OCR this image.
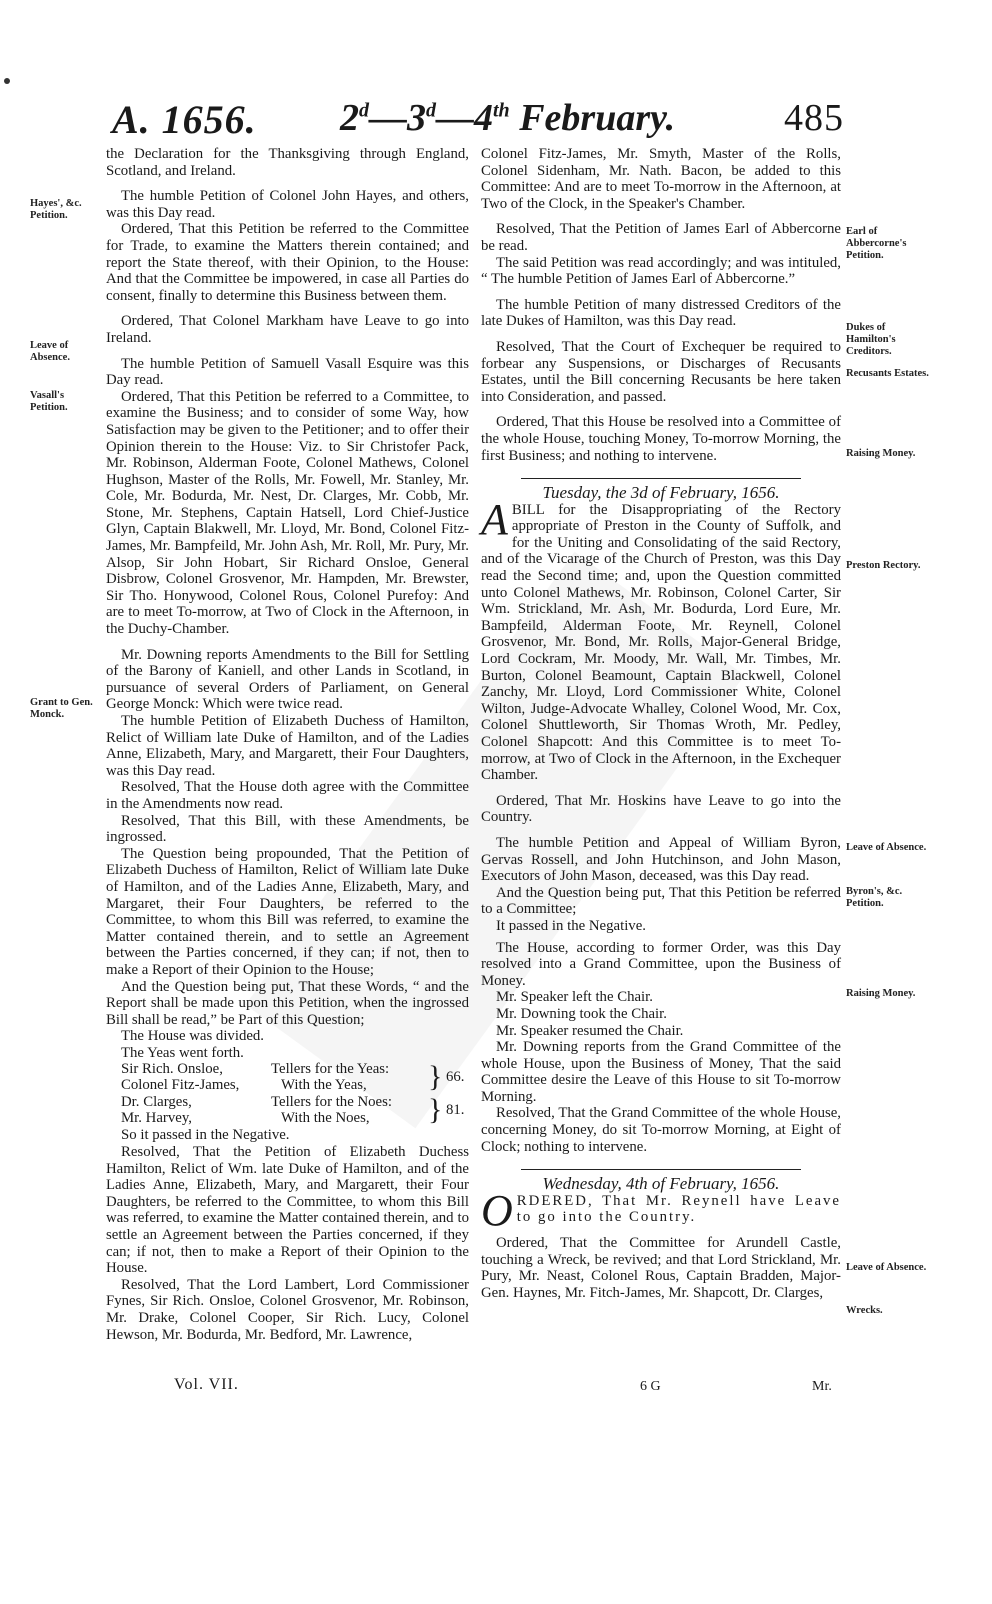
A. 1656. 2$^d$—3$^d$—4th February.	485
Hayes', &c. Petition.
Leave of Absence.
Vasall's Petition.
Grant to Gen. Monck.
Earl of Abbercorne's Petition.
Dukes of Hamilton's Creditors.
Recusants Estates.
Raising Money.
Preston Rectory.
Leave of Absence.
Byron's, &c. Petition.
Raising Money.
Leave of Absence.
Wrecks.

the Declaration for the Thanksgiving through England, Scotland, and Ireland.

The humble Petition of Colonel John Hayes, and others, was this Day read.

Ordered, That this Petition be referred to the Committee for Trade, to examine the Matters therein contained; and report the State thereof, with their Opinion, to the House: And that the Committee be impowered, in case all Parties do consent, finally to determine this Business between them.

Ordered, That Colonel Markham have Leave to go into Ireland.

The humble Petition of Samuell Vasall Esquire was this Day read.

Ordered, That this Petition be referred to a Committee, to examine the Business; and to consider of some Way, how Satisfaction may be given to the Petitioner; and to offer their Opinion therein to the House: Viz. to Sir Christofer Pack, Mr. Robinson, Alderman Foote, Colonel Mathews, Colonel Hughson, Master of the Rolls, Mr. Fowell, Mr. Stanley, Mr. Cole, Mr. Bodurda, Mr. Nest, Dr. Clarges, Mr. Cobb, Mr. Stone, Mr. Stephens, Captain Hatsell, Lord Chief-Justice Glyn, Captain Blakwell, Mr. Lloyd, Mr. Bond, Colonel Fitz-James, Mr. Bampfeild, Mr. John Ash, Mr. Roll, Mr. Pury, Mr. Alsop, Sir John Hobart, Sir Richard Onsloe, General Disbrow, Colonel Grosvenor, Mr. Hampden, Mr. Brewster, Sir Tho. Honywood, Colonel Rous, Colonel Purefoy: And are to meet To-morrow, at Two of Clock in the Afternoon, in the Duchy-Chamber.

Mr. Downing reports Amendments to the Bill for Settling of the Barony of Kaniell, and other Lands in Scotland, in pursuance of several Orders of Parliament, on General George Monck: Which were twice read.

The humble Petition of Elizabeth Duchess of Hamilton, Relict of William late Duke of Hamilton, and of the Ladies Anne, Elizabeth, Mary, and Margarett, their Four Daughters, was this Day read.

Resolved, That the House doth agree with the Committee in the Amendments now read.

Resolved, That this Bill, with these Amendments, be ingrossed.

The Question being propounded, That the Petition of Elizabeth Duchess of Hamilton, Relict of William late Duke of Hamilton, and of the Ladies Anne, Elizabeth, Mary, and Margaret, their Four Daughters, be referred to the Committee, to whom this Bill was referred, to examine the Matter contained therein, and to settle an Agreement between the Parties concerned, if they can; if not, then to make a Report of their Opinion to the House;

And the Question being put, That these Words, “ and the Report shall be made upon this Petition, when the ingrossed Bill shall be read,” be Part of this Question;

The House was divided.

The Yeas went forth.

Sir Rich. Onsloe,	Tellers for the Yeas:
Colonel Fitz-James,	With the Yeas,
Dr. Clarges,	Tellers for the Noes:
Mr. Harvey,	With the Noes,
} 66.
} 81.

So it passed in the Negative.

Resolved, That the Petition of Elizabeth Duchess Hamilton, Relict of Wm. late Duke of Hamilton, and of the Ladies Anne, Elizabeth, Mary, and Margarett, their Four Daughters, be referred to the Committee, to whom this Bill was referred, to examine the Matter contained therein, and to settle an Agreement between the Parties concerned, if they can; if not, then to make a Report of their Opinion to the House.

Resolved, That the Lord Lambert, Lord Commissioner Fynes, Sir Rich. Onsloe, Colonel Grosvenor, Mr. Robinson, Mr. Drake, Colonel Cooper, Sir Rich. Lucy, Colonel Hewson, Mr. Bodurda, Mr. Bedford, Mr. Lawrence,

Colonel Fitz-James, Mr. Smyth, Master of the Rolls, Colonel Sidenham, Mr. Nath. Bacon, be added to this Committee: And are to meet To-morrow in the Afternoon, at Two of the Clock, in the Speaker's Chamber.

Resolved, That the Petition of James Earl of Abbercorne be read.

The said Petition was read accordingly; and was intituled, “ The humble Petition of James Earl of Abbercorne.”

The humble Petition of many distressed Creditors of the late Dukes of Hamilton, was this Day read.

Resolved, That the Court of Exchequer be required to forbear any Suspensions, or Discharges of Recusants Estates, until the Bill concerning Recusants be here taken into Consideration, and passed.

Ordered, That this House be resolved into a Committee of the whole House, touching Money, To-morrow Morning, the first Business; and nothing to intervene.

Tuesday, the 3d of February, 1656.

ABILL for the Disappropriating of the Rectory appropriate of Preston in the County of Suffolk, and for the Uniting and Consolidating of the said Rectory, and of the Vicarage of the Church of Preston, was this Day read the Second time; and, upon the Question committed unto Colonel Mathews, Mr. Robinson, Colonel Carter, Sir Wm. Strickland, Mr. Ash, Mr. Bodurda, Lord Eure, Mr. Bampfeild, Alderman Foote, Mr. Reynell, Colonel Grosvenor, Mr. Bond, Mr. Rolls, Major-General Bridge, Lord Cockram, Mr. Moody, Mr. Wall, Mr. Timbes, Mr. Burton, Colonel Beamount, Captain Blackwell, Colonel Zanchy, Mr. Lloyd, Lord Commissioner White, Colonel Wilton, Judge-Advocate Whalley, Colonel Wood, Mr. Cox, Colonel Shuttleworth, Sir Thomas Wroth, Mr. Pedley, Colonel Shapcott: And this Committee is to meet To-morrow, at Two of Clock in the Afternoon, in the Exchequer Chamber.

Ordered, That Mr. Hoskins have Leave to go into the Country.

The humble Petition and Appeal of William Byron, Gervas Rossell, and John Hutchinson, and John Mason, Executors of John Mason, deceased, was this Day read.

And the Question being put, That this Petition be referred to a Committee;

It passed in the Negative.

The House, according to former Order, was this Day resolved into a Grand Committee, upon the Business of Money.

Mr. Speaker left the Chair.

Mr. Downing took the Chair.

Mr. Speaker resumed the Chair.

Mr. Downing reports from the Grand Committee of the whole House, upon the Business of Money, That the said Committee desire the Leave of this House to sit To-morrow Morning.

Resolved, That the Grand Committee of the whole House, concerning Money, do sit To-morrow Morning, at Eight of Clock; nothing to intervene.

Wednesday, 4th of February, 1656.

ORDERED, That Mr. Reynell have Leave to go into the Country.

Ordered, That the Committee for Arundell Castle, touching a Wreck, be revived; and that Lord Strickland, Mr. Pury, Mr. Neast, Colonel Rous, Captain Bradden, Major-Gen. Haynes, Mr. Fitch-James, Mr. Shapcott, Dr. Clarges,

Vol. VII.	6 G	Mr.
